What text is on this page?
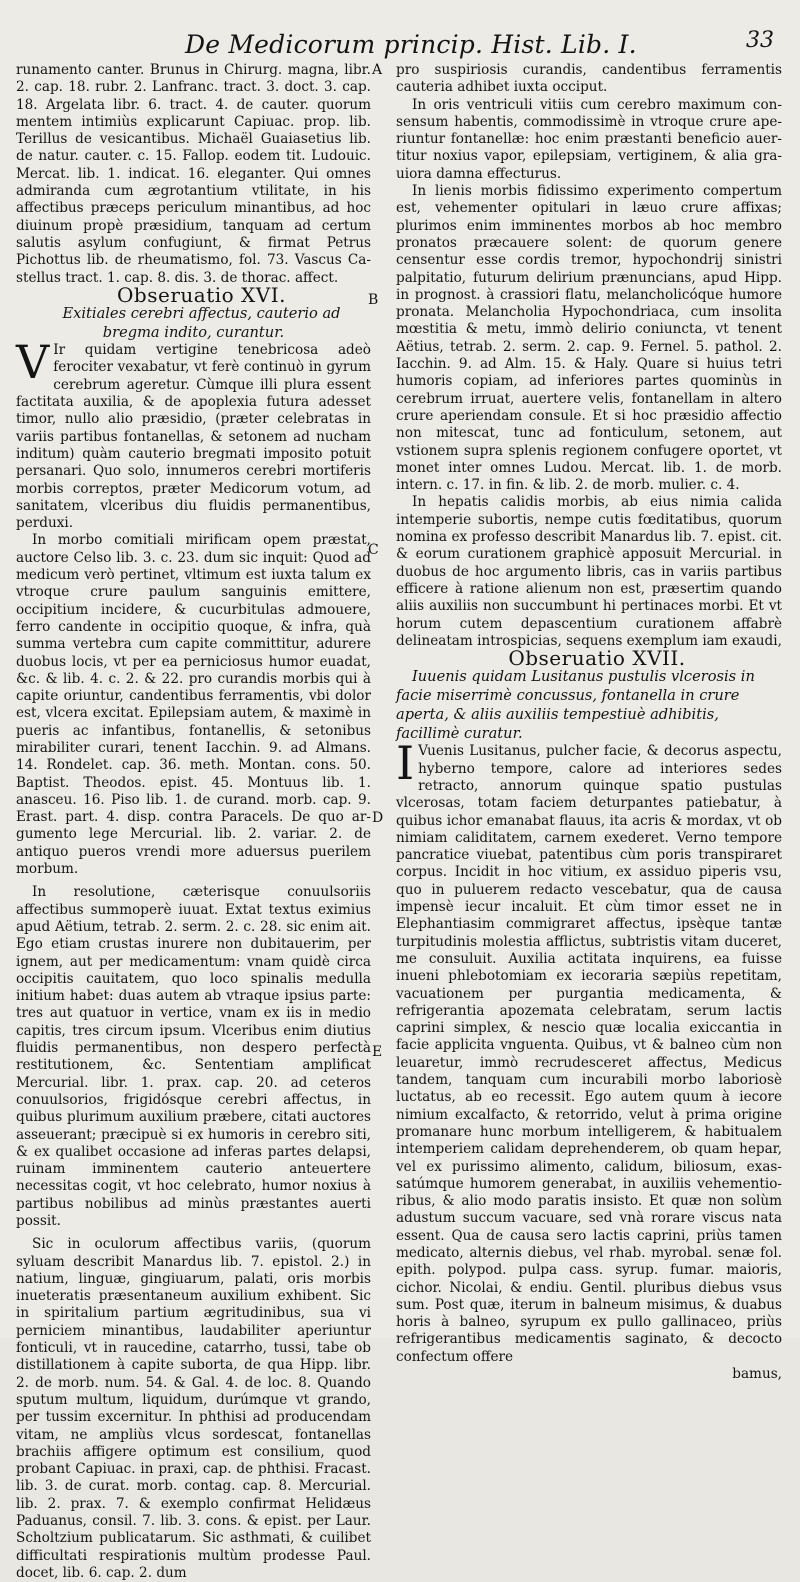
De Medicorum princip. Hist. Lib. I.	33
A
B
C
D
E

runamento canter. Brunus in Chirurg. magna, libr. 2. cap. 18. rubr. 2. Lanfranc. tract. 3. doct. 3. cap. 18. Argelata libr. 6. tract. 4. de cauter. quorum mentem intimiùs explicarunt Capiuac. prop. lib. Terillus de vesicantibus. Michaël Guaiasetius lib. de natur. cauter. c. 15. Fallop. eodem tit. Ludouic. Mercat. lib. 1. indicat. 16. eleganter. Qui omnes admiranda cum ægrotantium vtilitate, in his affectibus præceps periculum minantibus, ad hoc diuinum propè præsidium, tanquam ad certum salutis asylum confugiunt, & firmat Petrus Pichottus lib. de rheumatismo, fol. 73. Vascus Castellus tract. 1. cap. 8. dis. 3. de thorac. affect.

Obseruatio XVI.

Exitiales cerebri affectus, cauterio ad bregma indito, curantur.

V Ir quidam vertigine tenebricosa adeò ferociter vexabatur, vt ferè continuò in gyrum cerebrum ageretur. Cùmque illi plura essent factitata auxilia, & de apoplexia futura adesset timor, nullo alio præsidio, (præter celebratas in variis partibus fontanellas, & setonem ad nucham inditum) quàm cauterio bregmati imposito potuit persanari. Quo solo, innumeros cerebri mortiferis morbis correptos, præter Medicorum votum, ad sanitatem, vlceribus diu fluidis permanentibus, perduxi.

In morbo comitiali mirificam opem præstat, auctore Celso lib. 3. c. 23. dum sic inquit: Quod ad medicum verò pertinet, vltimum est iuxta talum ex vtroque crure paulum sanguinis emittere, occipitium incidere, & cucurbitulas admouere, ferro candente in occipitio quoque, & infra, quà summa vertebra cum capite committitur, adurere duobus locis, vt per ea perniciosus humor euadat, &c. & lib. 4. c. 2. & 22. pro curandis morbis qui à capite oriuntur, candentibus ferramentis, vbi dolor est, vlcera excitat. Epilepsiam autem, & maximè in pueris ac infantibus, fontanellis, & setonibus mirabiliter curari, tenent Iacchin. 9. ad Almans. 14. Rondelet. cap. 36. meth. Montan. cons. 50. Baptist. Theodos. epist. 45. Montuus lib. 1. anasceu. 16. Piso lib. 1. de curand. morb. cap. 9. Erast. part. 4. disp. contra Paracels. De quo argumento lege Mercurial. lib. 2. variar. 2. de antiquo pueros vrendi more aduersus puerilem morbum.

In resolutione, cæterisque conuulsoriis affectibus summoperè iuuat. Extat textus eximius apud Aëtium, tetrab. 2. serm. 2. c. 28. sic enim ait. Ego etiam crustas inurere non dubitauerim, per ignem, aut per medicamentum: vnam quidè circa occipitis cauitatem, quo loco spinalis medulla initium habet: duas autem ab vtraque ipsius parte: tres aut quatuor in vertice, vnam ex iis in medio capitis, tres circum ipsum. Vlceribus enim diutius fluidis permanentibus, non despero perfectà restitutionem, &c. Sententiam amplificat Mercurial. libr. 1. prax. cap. 20. ad ceteros conuulsorios, frigidósque cerebri affectus, in quibus plurimum auxilium præbere, citati auctores asseuerant; præcipuè si ex humoris in cerebro siti, & ex qualibet occasione ad inferas partes delapsi, ruinam imminentem cauterio anteuertere necessitas cogit, vt hoc celebrato, humor noxius à partibus nobilibus ad minùs præstantes auerti possit.

Sic in oculorum affectibus variis, (quorum syluam describit Manardus lib. 7. epistol. 2.) in natium, linguæ, gingiuarum, palati, oris morbis inueteratis præsentaneum auxilium exhibent. Sic in spiritalium partium ægritudinibus, sua vi perniciem minantibus, laudabiliter aperiuntur fonticuli, vt in raucedine, catarrho, tussi, tabe ob distillationem à capite suborta, de qua Hipp. libr. 2. de morb. num. 54. & Gal. 4. de loc. 8. Quando sputum multum, liquidum, durúmque vt grando, per tussim excernitur. In phthisi ad producendam vitam, ne ampliùs vlcus sordescat, fontanellas brachiis affigere optimum est consilium, quod probant Capiuac. in praxi, cap. de phthisi. Fracast. lib. 3. de curat. morb. contag. cap. 8. Mercurial. lib. 2. prax. 7. & exemplo confirmat Helidæus Paduanus, consil. 7. lib. 3. cons. & epist. per Laur. Scholtzium publicatarum. Sic asthmati, & cuilibet difficultati respirationis multùm prodesse Paul. docet, lib. 6. cap. 2. dum

pro suspiriosis curandis, candentibus ferramentis cauteria adhibet iuxta occiput.

In oris ventriculi vitiis cum cerebro maximum consensum habentis, commodissimè in vtroque crure aperiuntur fontanellæ: hoc enim præstanti beneficio auertitur noxius vapor, epilepsiam, vertiginem, & alia grauiora damna effecturus.

In lienis morbis fidissimo experimento compertum est, vehementer opitulari in læuo crure affixas; plurimos enim imminentes morbos ab hoc membro pronatos præcauere solent: de quorum genere censentur esse cordis tremor, hypochondrij sinistri palpitatio, futurum delirium prænuncians, apud Hipp. in prognost. à crassiori flatu, melancholicóque humore pronata. Melancholia Hypochondriaca, cum insolita mœstitia & metu, immò delirio coniuncta, vt tenent Aëtius, tetrab. 2. serm. 2. cap. 9. Fernel. 5. pathol. 2. Iacchin. 9. ad Alm. 15. & Haly. Quare si huius tetri humoris copiam, ad inferiores partes quominùs in cerebrum irruat, auertere velis, fontanellam in altero crure aperiendam consule. Et si hoc præsidio affectio non mitescat, tunc ad fonticulum, setonem, aut vstionem supra splenis regionem confugere oportet, vt monet inter omnes Ludou. Mercat. lib. 1. de morb. intern. c. 17. in fin. & lib. 2. de morb. mulier. c. 4.

In hepatis calidis morbis, ab eius nimia calida intemperie subortis, nempe cutis fœditatibus, quorum nomina ex professo describit Manardus lib. 7. epist. cit. & eorum curationem graphicè apposuit Mercurial. in duobus de hoc argumento libris, cas in variis partibus efficere à ratione alienum non est, præsertim quando aliis auxiliis non succumbunt hi pertinaces morbi. Et vt horum cutem depascentium curationem affabrè delineatam introspicias, sequens exemplum iam exaudi,

Obseruatio XVII.

Iuuenis quidam Lusitanus pustulis vlcerosis in facie miserrimè concussus, fontanella in crure aperta, & aliis auxiliis tempestiuè adhibitis, facillimè curatur.

I Vuenis Lusitanus, pulcher facie, & decorus aspectu, hyberno tempore, calore ad interiores sedes retracto, annorum quinque spatio pustulas vlcerosas, totam faciem deturpantes patiebatur, à quibus ichor emanabat flauus, ita acris & mordax, vt ob nimiam caliditatem, carnem exederet. Verno tempore pancratice viuebat, patentibus cùm poris transpiraret corpus. Incidit in hoc vitium, ex assiduo piperis vsu, quo in puluerem redacto vescebatur, qua de causa impensè iecur incaluit. Et cùm timor esset ne in Elephantiasim commigraret affectus, ipsèque tantæ turpitudinis molestia afflictus, subtristis vitam duceret, me consuluit. Auxilia actitata inquirens, ea fuisse inueni phlebotomiam ex iecoraria sæpiùs repetitam, vacuationem per purgantia medicamenta, & refrigerantia apozemata celebratam, serum lactis caprini simplex, & nescio quæ localia exiccantia in facie applicita vnguenta. Quibus, vt & balneo cùm non leuaretur, immò recrudesceret affectus, Medicus tandem, tanquam cum incurabili morbo laboriosè luctatus, ab eo recessit. Ego autem quum à iecore nimium excalfacto, & retorrido, velut à prima origine promanare hunc morbum intelligerem, & habitualem intemperiem calidam deprehenderem, ob quam hepar, vel ex purissimo alimento, calidum, biliosum, exassatúmque humorem generabat, in auxiliis vehementioribus, & alio modo paratis insisto. Et quæ non solùm adustum succum vacuare, sed vnà rorare viscus nata essent. Qua de causa sero lactis caprini, priùs tamen medicato, alternis diebus, vel rhab. myrobal. senæ fol. epith. polypod. pulpa cass. syrup. fumar. maioris, cichor. Nicolai, & endiu. Gentil. pluribus diebus vsus sum. Post quæ, iterum in balneum misimus, & duabus horis à balneo, syrupum ex pullo gallinaceo, priùs refrigerantibus medicamentis saginato, & decocto confectum offere

bamus,
